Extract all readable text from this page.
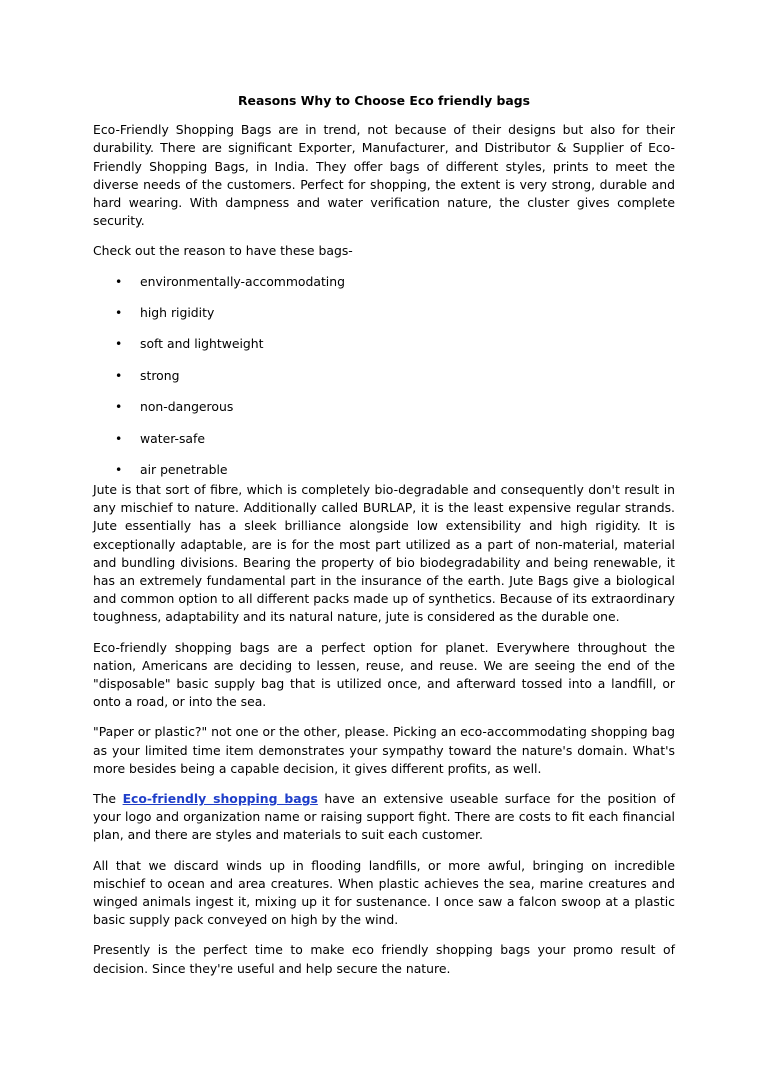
Reasons Why to Choose Eco friendly bags

Eco-Friendly Shopping Bags are in trend, not because of their designs but also for their durability. There are significant Exporter, Manufacturer, and Distributor & Supplier of Eco-Friendly Shopping Bags, in India. They offer bags of different styles, prints to meet the diverse needs of the customers. Perfect for shopping, the extent is very strong, durable and hard wearing. With dampness and water verification nature, the cluster gives complete security.

Check out the reason to have these bags-

• environmentally-accommodating
• high rigidity
• soft and lightweight
• strong
• non-dangerous
• water-safe
• air penetrable

Jute is that sort of fibre, which is completely bio-degradable and consequently don't result in any mischief to nature. Additionally called BURLAP, it is the least expensive regular strands. Jute essentially has a sleek brilliance alongside low extensibility and high rigidity. It is exceptionally adaptable, are is for the most part utilized as a part of non-material, material and bundling divisions. Bearing the property of bio biodegradability and being renewable, it has an extremely fundamental part in the insurance of the earth. Jute Bags give a biological and common option to all different packs made up of synthetics. Because of its extraordinary toughness, adaptability and its natural nature, jute is considered as the durable one.

Eco-friendly shopping bags are a perfect option for planet. Everywhere throughout the nation, Americans are deciding to lessen, reuse, and reuse. We are seeing the end of the "disposable" basic supply bag that is utilized once, and afterward tossed into a landfill, or onto a road, or into the sea.

"Paper or plastic?" not one or the other, please. Picking an eco-accommodating shopping bag as your limited time item demonstrates your sympathy toward the nature's domain. What's more besides being a capable decision, it gives different profits, as well.

The Eco-friendly shopping bags have an extensive useable surface for the position of your logo and organization name or raising support fight. There are costs to fit each financial plan, and there are styles and materials to suit each customer.

All that we discard winds up in flooding landfills, or more awful, bringing on incredible mischief to ocean and area creatures. When plastic achieves the sea, marine creatures and winged animals ingest it, mixing up it for sustenance. I once saw a falcon swoop at a plastic basic supply pack conveyed on high by the wind.

Presently is the perfect time to make eco friendly shopping bags your promo result of decision. Since they're useful and help secure the nature.
